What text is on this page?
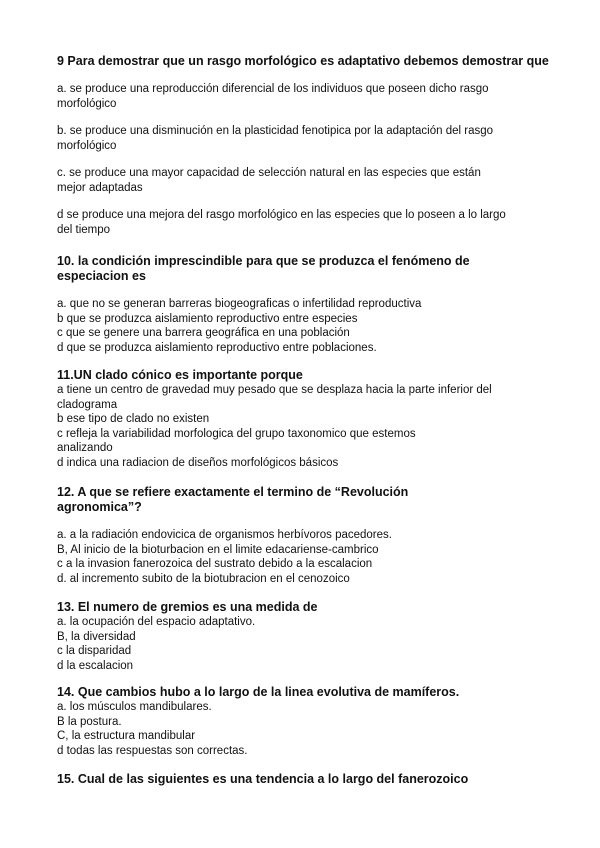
9 Para demostrar que un rasgo morfológico es adaptativo debemos demostrar que

a. se produce una reproducción diferencial de los individuos que poseen dicho rasgo
morfológico

b. se produce una disminución en la plasticidad fenotipica por la adaptación del rasgo
morfológico

c. se produce una mayor capacidad de selección natural en las especies que están
mejor adaptadas

d se produce una mejora del rasgo morfológico en las especies que lo poseen a lo largo
del tiempo

10. la condición imprescindible para que se produzca el fenómeno de
especiacion es

a. que no se generan barreras biogeograficas o infertilidad reproductiva

b que se produzca aislamiento reproductivo entre especies

c que se genere una barrera geográfica en una población

d que se produzca aislamiento reproductivo entre poblaciones.

11.UN clado cónico es importante porque

a tiene un centro de gravedad muy pesado que se desplaza hacia la parte inferior del
cladograma

b ese tipo de clado no existen

c refleja la variabilidad morfologica del grupo taxonomico que estemos
analizando

d indica una radiacion de diseños morfológicos básicos

12. A que se refiere exactamente el termino de “Revolución
agronomica”?

a. a la radiación endovicica de organismos herbívoros pacedores.

B, Al inicio de la bioturbacion en el limite edacariense-cambrico

c a la invasion fanerozoica del sustrato debido a la escalacion

d. al incremento subito de la biotubracion en el cenozoico

13. El numero de gremios es una medida de

a. la ocupación del espacio adaptativo.

B, la diversidad

c la disparidad

d la escalacion

14. Que cambios hubo a lo largo de la linea evolutiva de mamíferos.

a. los músculos mandibulares.

B la postura.

C, la estructura mandibular

d todas las respuestas son correctas.

15. Cual de las siguientes es una tendencia a lo largo del fanerozoico
